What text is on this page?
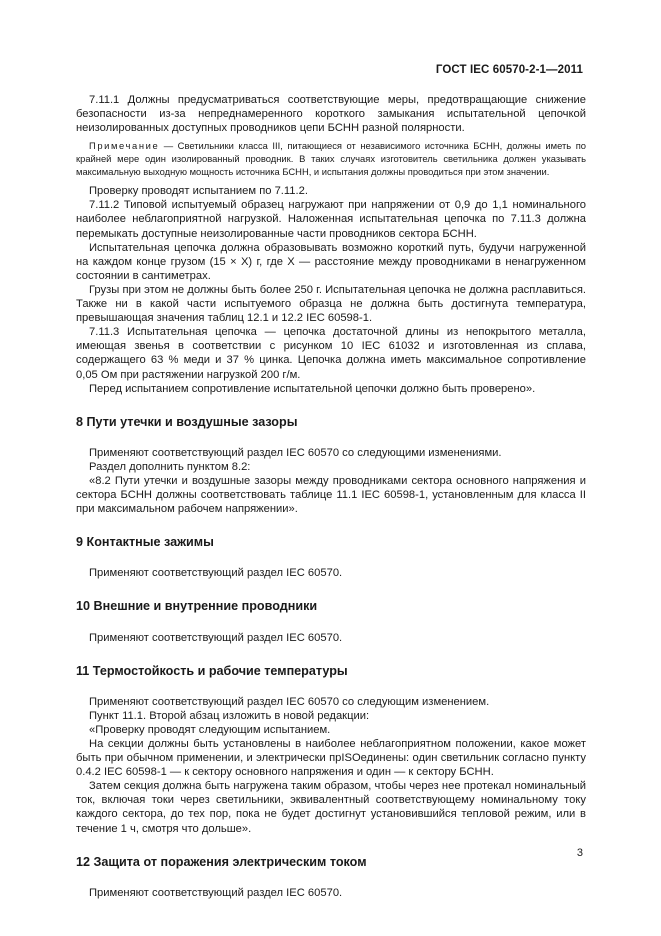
ГОСТ IEC 60570-2-1—2011

7.11.1 Должны предусматриваться соответствующие меры, предотвращающие снижение безопасности из-за непреднамеренного короткого замыкания испытательной цепочкой неизолированных доступных проводников цепи БСНН разной полярности.

Примечание — Светильники класса III, питающиеся от независимого источника БСНН, должны иметь по крайней мере один изолированный проводник. В таких случаях изготовитель светильника должен указывать максимальную выходную мощность источника БСНН, и испытания должны проводиться при этом значении.

Проверку проводят испытанием по 7.11.2.

7.11.2 Типовой испытуемый образец нагружают при напряжении от 0,9 до 1,1 номинального наиболее неблагоприятной нагрузкой. Наложенная испытательная цепочка по 7.11.3 должна перемыкать доступные неизолированные части проводников сектора БСНН.

Испытательная цепочка должна образовывать возможно короткий путь, будучи нагруженной на каждом конце грузом (15 × X) г, где X — расстояние между проводниками в ненагруженном состоянии в сантиметрах.

Грузы при этом не должны быть более 250 г. Испытательная цепочка не должна расплавиться. Также ни в какой части испытуемого образца не должна быть достигнута температура, превышающая значения таблиц 12.1 и 12.2 IEC 60598-1.

7.11.3 Испытательная цепочка — цепочка достаточной длины из непокрытого металла, имеющая звенья в соответствии с рисунком 10 IEC 61032 и изготовленная из сплава, содержащего 63 % меди и 37 % цинка. Цепочка должна иметь максимальное сопротивление 0,05 Ом при растяжении нагрузкой 200 г/м.

Перед испытанием сопротивление испытательной цепочки должно быть проверено».

8 Пути утечки и воздушные зазоры

Применяют соответствующий раздел IEC 60570 со следующими изменениями.

Раздел дополнить пунктом 8.2:

«8.2 Пути утечки и воздушные зазоры между проводниками сектора основного напряжения и сектора БСНН должны соответствовать таблице 11.1 IEC 60598-1, установленным для класса II при максимальном рабочем напряжении».

9 Контактные зажимы

Применяют соответствующий раздел IEC 60570.

10 Внешние и внутренние проводники

Применяют соответствующий раздел IEC 60570.

11 Термостойкость и рабочие температуры

Применяют соответствующий раздел IEC 60570 со следующим изменением.

Пункт 11.1. Второй абзац изложить в новой редакции:

«Проверку проводят следующим испытанием.

На секции должны быть установлены в наиболее неблагоприятном положении, какое может быть при обычном применении, и электрически прISOединены: один светильник согласно пункту 0.4.2 IEC 60598-1 — к сектору основного напряжения и один — к сектору БСНН.

Затем секция должна быть нагружена таким образом, чтобы через нее протекал номинальный ток, включая токи через светильники, эквивалентный соответствующему номинальному току каждого сектора, до тех пор, пока не будет достигнут установившийся тепловой режим, или в течение 1 ч, смотря что дольше».

12 Защита от поражения электрическим током

Применяют соответствующий раздел IEC 60570.

3
